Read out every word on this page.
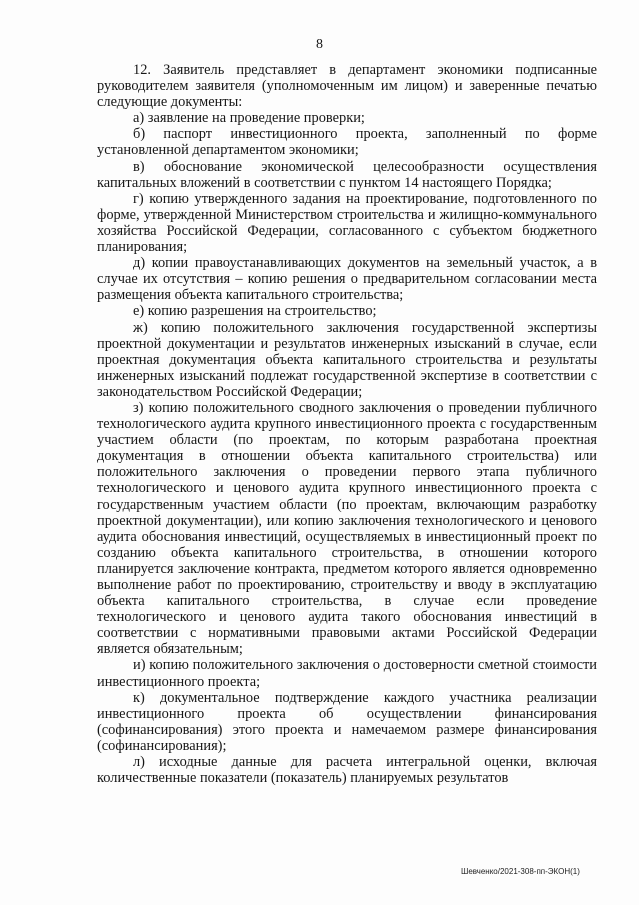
8

12. Заявитель представляет в департамент экономики подписанные руководителем заявителя (уполномоченным им лицом) и заверенные печатью следующие документы:

а) заявление на проведение проверки;

б) паспорт инвестиционного проекта, заполненный по форме установленной департаментом экономики;

в) обоснование экономической целесообразности осуществления капитальных вложений в соответствии с пунктом 14 настоящего Порядка;

г) копию утвержденного задания на проектирование, подготовленного по форме, утвержденной Министерством строительства и жилищно-коммунального хозяйства Российской Федерации, согласованного с субъектом бюджетного планирования;

д) копии правоустанавливающих документов на земельный участок, а в случае их отсутствия – копию решения о предварительном согласовании места размещения объекта капитального строительства;

е) копию разрешения на строительство;

ж) копию положительного заключения государственной экспертизы проектной документации и результатов инженерных изысканий в случае, если проектная документация объекта капитального строительства и результаты инженерных изысканий подлежат государственной экспертизе в соответствии с законодательством Российской Федерации;

з) копию положительного сводного заключения о проведении публичного технологического аудита крупного инвестиционного проекта с государственным участием области (по проектам, по которым разработана проектная документация в отношении объекта капитального строительства) или положительного заключения о проведении первого этапа публичного технологического и ценового аудита крупного инвестиционного проекта с государственным участием области (по проектам, включающим разработку проектной документации), или копию заключения технологического и ценового аудита обоснования инвестиций, осуществляемых в инвестиционный проект по созданию объекта капитального строительства, в отношении которого планируется заключение контракта, предметом которого является одновременно выполнение работ по проектированию, строительству и вводу в эксплуатацию объекта капитального строительства, в случае если проведение технологического и ценового аудита такого обоснования инвестиций в соответствии с нормативными правовыми актами Российской Федерации является обязательным;

и) копию положительного заключения о достоверности сметной стоимости инвестиционного проекта;

к) документальное подтверждение каждого участника реализации инвестиционного проекта об осуществлении финансирования (софинансирования) этого проекта и намечаемом размере финансирования (софинансирования);

л) исходные данные для расчета интегральной оценки, включая количественные показатели (показатель) планируемых результатов

Шевченко/2021-308-пп-ЭКОН(1)
